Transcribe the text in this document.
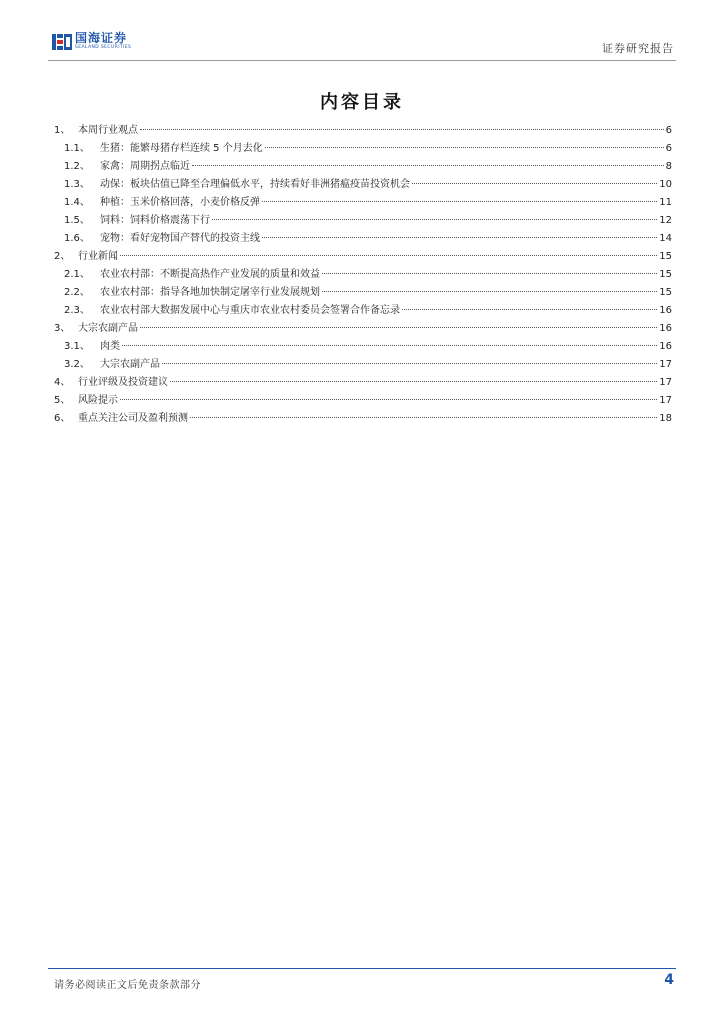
国海证券
SEALAND SECURITIES	证券研究报告
内容目录
1、 本周行业观点	6
1.1、	生猪：能繁母猪存栏连续 5 个月去化	6
1.2、	家禽：周期拐点临近	8
1.3、	动保：板块估值已降至合理偏低水平，持续看好非洲猪瘟疫苗投资机会	10
1.4、	种植：玉米价格回落，小麦价格反弹	11
1.5、	饲料：饲料价格震荡下行	12
1.6、	宠物：看好宠物国产替代的投资主线	14
2、 行业新闻	15
2.1、	农业农村部：不断提高热作产业发展的质量和效益	15
2.2、	农业农村部：指导各地加快制定屠宰行业发展规划	15
2.3、	农业农村部大数据发展中心与重庆市农业农村委员会签署合作备忘录	16
3、 大宗农副产品	16
3.1、	肉类	16
3.2、	大宗农副产品	17
4、 行业评级及投资建议	17
5、 风险提示	17
6、 重点关注公司及盈利预测	18
请务必阅读正文后免责条款部分	4
